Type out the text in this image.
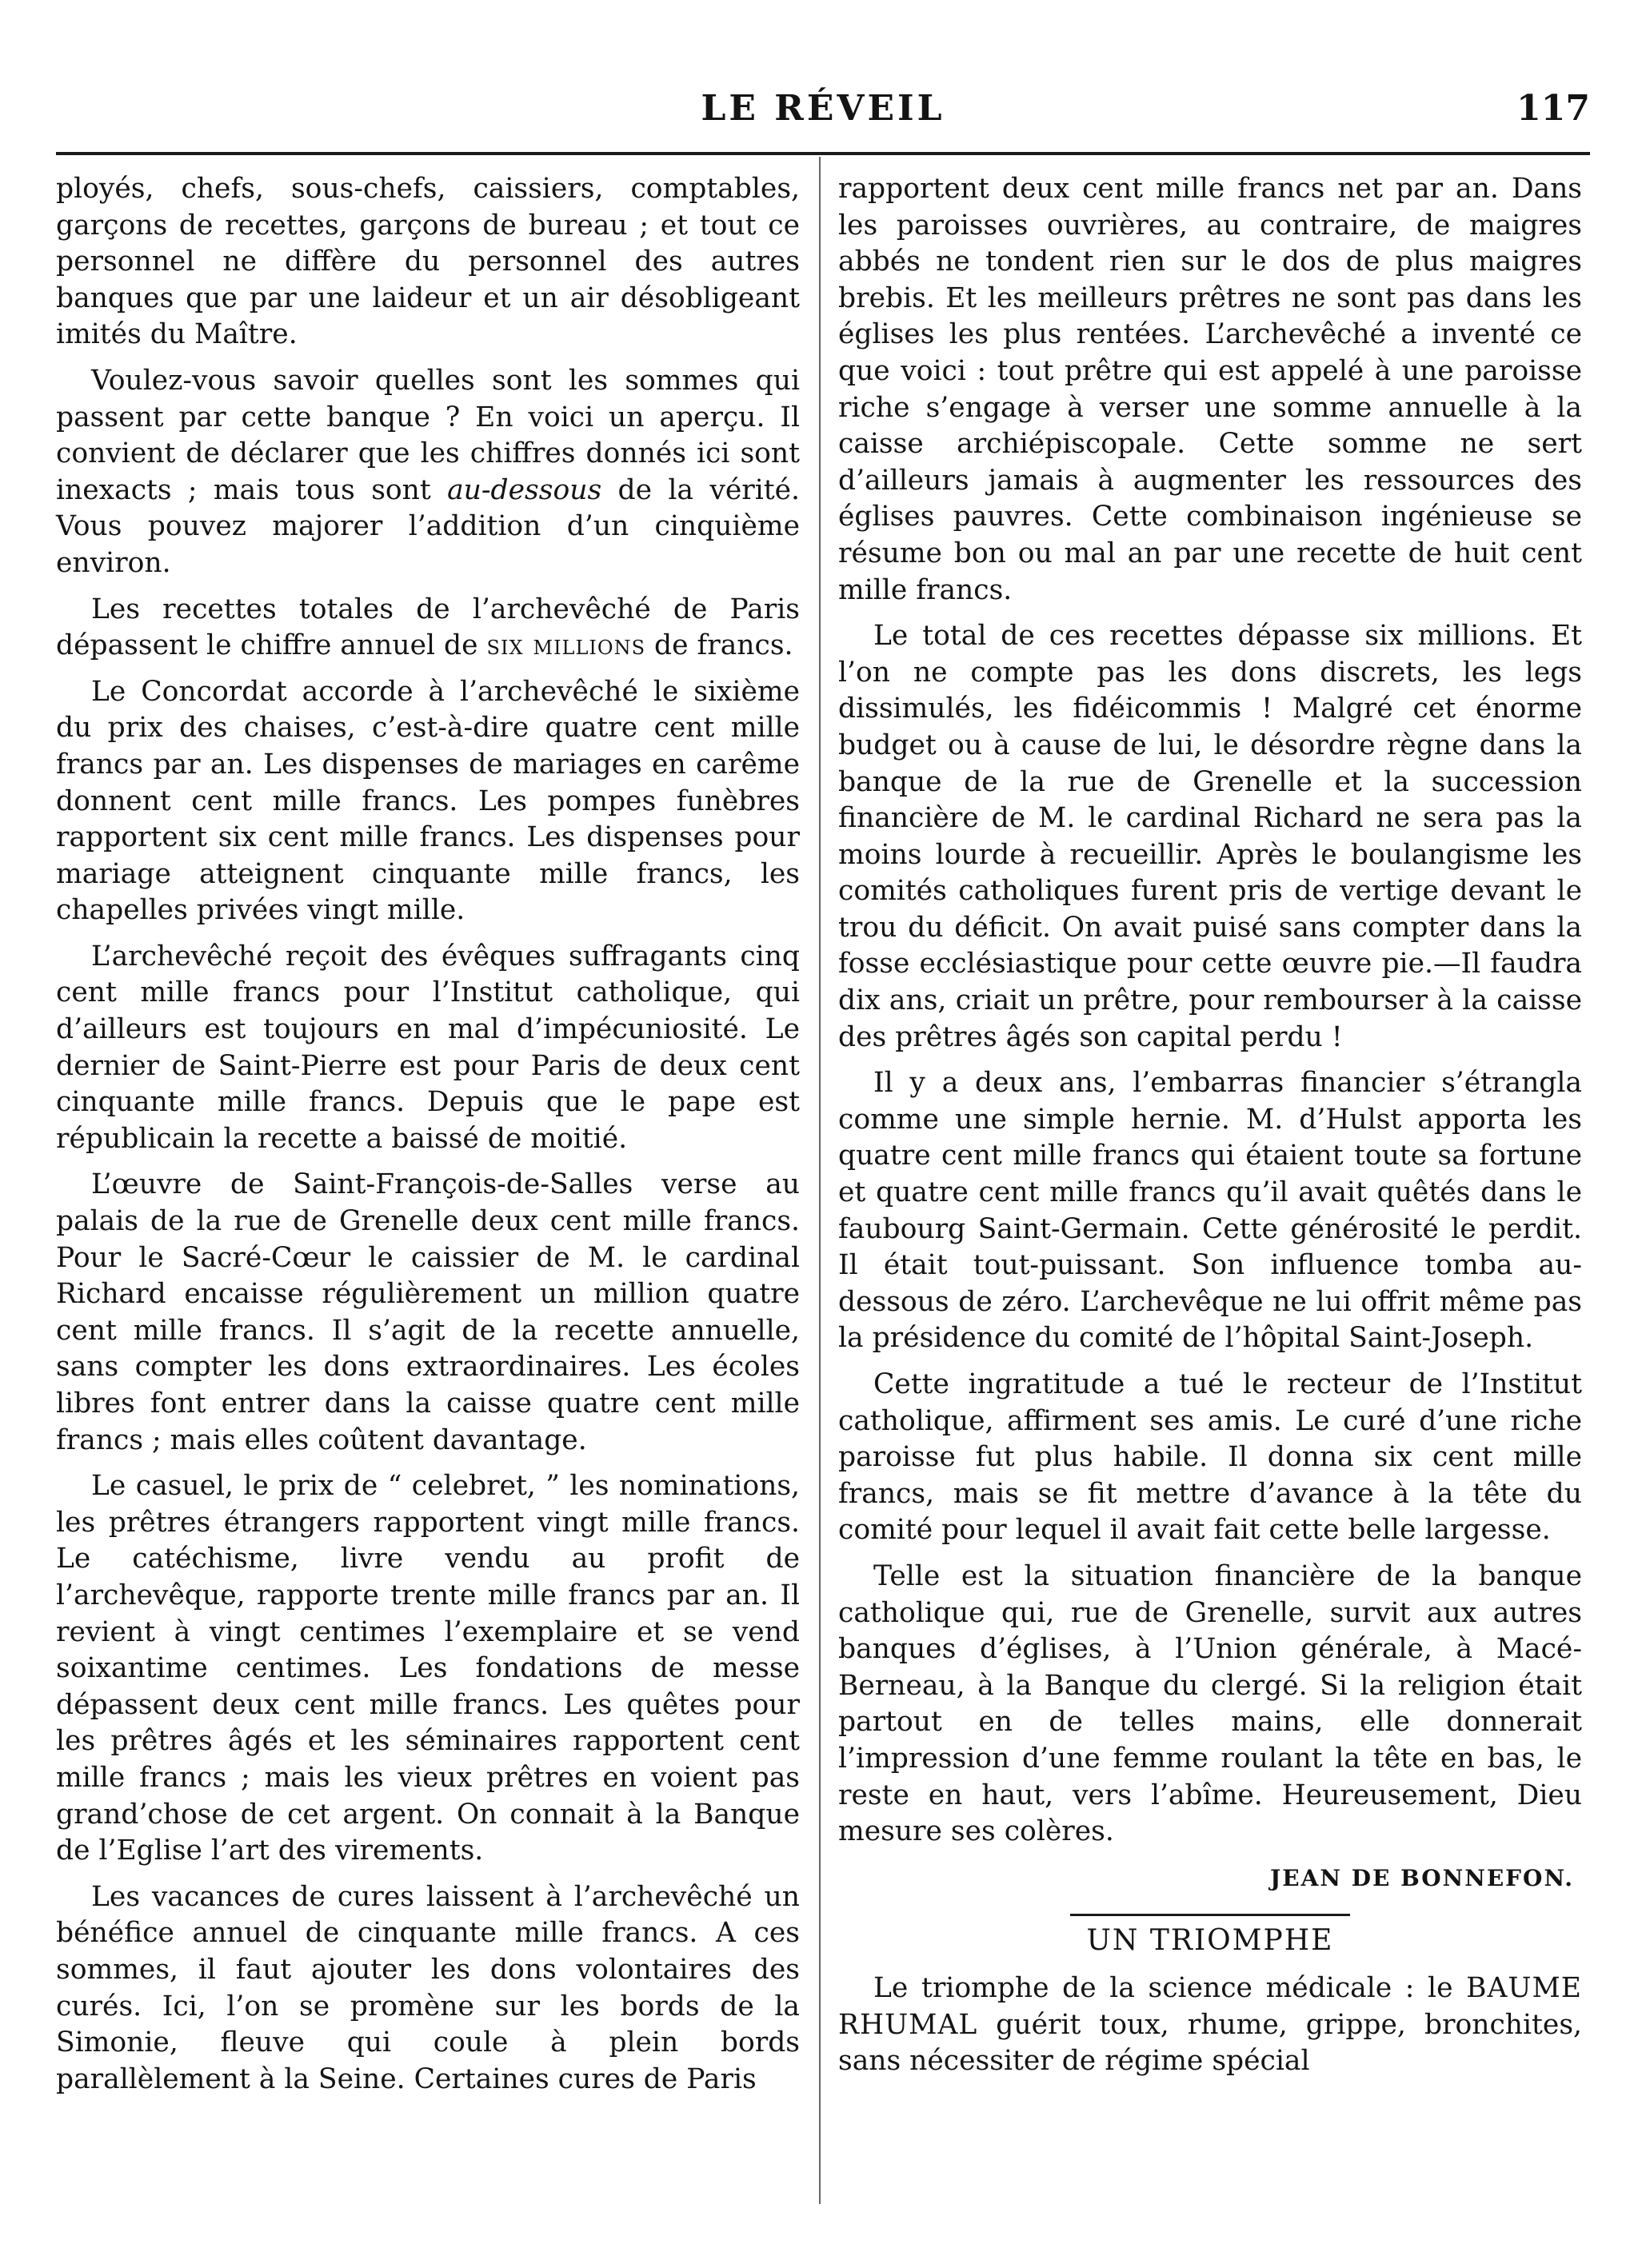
LE RÉVEIL	117

ployés, chefs, sous-chefs, caissiers, comptables, garçons de recettes, garçons de bureau ; et tout ce personnel ne diffère du personnel des autres banques que par une laideur et un air désobligeant imités du Maître.

Voulez-vous savoir quelles sont les sommes qui passent par cette banque ? En voici un aperçu. Il convient de déclarer que les chiffres donnés ici sont inexacts ; mais tous sont au-dessous de la vérité. Vous pouvez majorer l’addition d’un cinquième environ.

Les recettes totales de l’archevêché de Paris dépassent le chiffre annuel de six millions de francs.

Le Concordat accorde à l’archevêché le sixième du prix des chaises, c’est-à-dire quatre cent mille francs par an. Les dispenses de mariages en carême donnent cent mille francs. Les pompes funèbres rapportent six cent mille francs. Les dispenses pour mariage atteignent cinquante mille francs, les chapelles privées vingt mille.

L’archevêché reçoit des évêques suffragants cinq cent mille francs pour l’Institut catholique, qui d’ailleurs est toujours en mal d’impécuniosité. Le dernier de Saint-Pierre est pour Paris de deux cent cinquante mille francs. Depuis que le pape est républicain la recette a baissé de moitié.

L’œuvre de Saint-François-de-Salles verse au palais de la rue de Grenelle deux cent mille francs. Pour le Sacré-Cœur le caissier de M. le cardinal Richard encaisse régulièrement un million quatre cent mille francs. Il s’agit de la recette annuelle, sans compter les dons extraordinaires. Les écoles libres font entrer dans la caisse quatre cent mille francs ; mais elles coûtent davantage.

Le casuel, le prix de “ celebret, ” les nominations, les prêtres étrangers rapportent vingt mille francs. Le catéchisme, livre vendu au profit de l’archevêque, rapporte trente mille francs par an. Il revient à vingt centimes l’exemplaire et se vend soixantime centimes. Les fondations de messe dépassent deux cent mille francs. Les quêtes pour les prêtres âgés et les séminaires rapportent cent mille francs ; mais les vieux prêtres en voient pas grand’chose de cet argent. On connait à la Banque de l’Eglise l’art des virements.

Les vacances de cures laissent à l’archevêché un bénéfice annuel de cinquante mille francs. A ces sommes, il faut ajouter les dons volontaires des curés. Ici, l’on se promène sur les bords de la Simonie, fleuve qui coule à plein bords parallèlement à la Seine. Certaines cures de Paris

rapportent deux cent mille francs net par an. Dans les paroisses ouvrières, au contraire, de maigres abbés ne tondent rien sur le dos de plus maigres brebis. Et les meilleurs prêtres ne sont pas dans les églises les plus rentées. L’archevêché a inventé ce que voici : tout prêtre qui est appelé à une paroisse riche s’engage à verser une somme annuelle à la caisse archiépiscopale. Cette somme ne sert d’ailleurs jamais à augmenter les ressources des églises pauvres. Cette combinaison ingénieuse se résume bon ou mal an par une recette de huit cent mille francs.

Le total de ces recettes dépasse six millions. Et l’on ne compte pas les dons discrets, les legs dissimulés, les fidéicommis ! Malgré cet énorme budget ou à cause de lui, le désordre règne dans la banque de la rue de Grenelle et la succession financière de M. le cardinal Richard ne sera pas la moins lourde à recueillir. Après le boulangisme les comités catholiques furent pris de vertige devant le trou du déficit. On avait puisé sans compter dans la fosse ecclésiastique pour cette œuvre pie.—Il faudra dix ans, criait un prêtre, pour rembourser à la caisse des prêtres âgés son capital perdu !

Il y a deux ans, l’embarras financier s’étrangla comme une simple hernie. M. d’Hulst apporta les quatre cent mille francs qui étaient toute sa fortune et quatre cent mille francs qu’il avait quêtés dans le faubourg Saint-Germain. Cette générosité le perdit. Il était tout-puissant. Son influence tomba au-dessous de zéro. L’archevêque ne lui offrit même pas la présidence du comité de l’hôpital Saint-Joseph.

Cette ingratitude a tué le recteur de l’Institut catholique, affirment ses amis. Le curé d’une riche paroisse fut plus habile. Il donna six cent mille francs, mais se fit mettre d’avance à la tête du comité pour lequel il avait fait cette belle largesse.

Telle est la situation financière de la banque catholique qui, rue de Grenelle, survit aux autres banques d’églises, à l’Union générale, à Macé-Berneau, à la Banque du clergé. Si la religion était partout en de telles mains, elle donnerait l’impression d’une femme roulant la tête en bas, le reste en haut, vers l’abîme. Heureusement, Dieu mesure ses colères.

JEAN DE BONNEFON.
UN TRIOMPHE

Le triomphe de la science médicale : le BAUME RHUMAL guérit toux, rhume, grippe, bronchites, sans nécessiter de régime spécial
